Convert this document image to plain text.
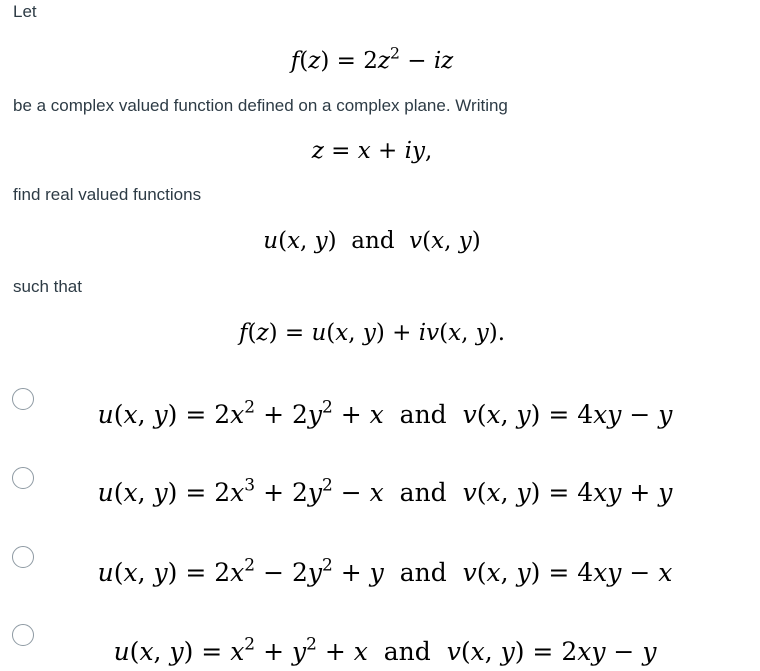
Let
$f(z) = 2z^2$ − iz
be a complex valued function defined on a complex plane. Writing
z = x + iy,
find real valued functions
u(x, y)  and v(x, y)
such that
f(z) = u(x, y) + iv(x, y).
u(x, $y) = 2x^2 + 2y^2 + x$ and v(x, y) = 4xy − y
u(x, $y) = 2x^3 + 2y^2 - x$ and v(x, y) = 4xy + y
u(x, $y) = 2x^2 - 2y^2 + y$ and v(x, y) = 4xy − x
u(x, $y) = x^2 + y^2 + x$ and v(x, y) = 2xy − y
